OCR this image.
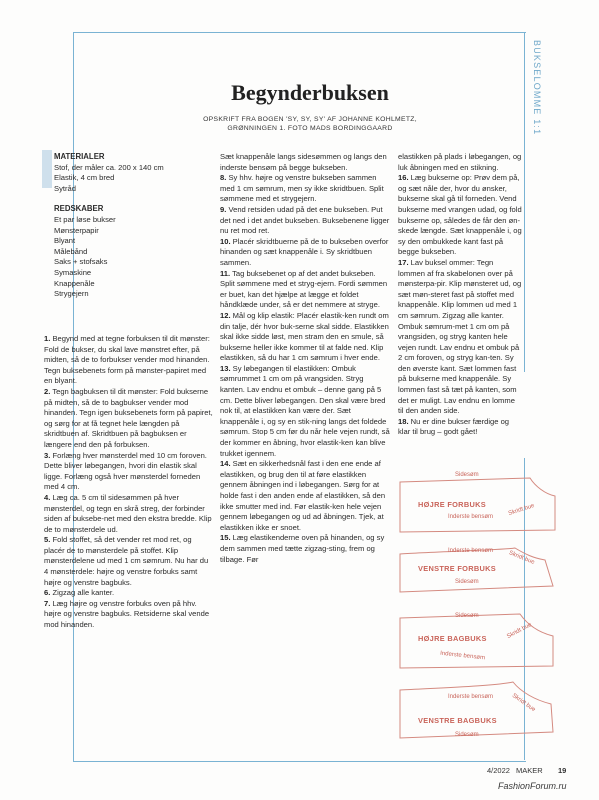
BUKSELOMME 1:1
Begynderbuksen
OPSKRIFT FRA BOGEN 'SY, SY, SY' AF JOHANNE KOHLMETZ,
GRØNNINGEN 1. FOTO MADS BORDINGGAARD
MATERIALER
Stof, der måler ca. 200 x 140 cm
Elastik, 4 cm bred
Sytråd
REDSKABER
Et par løse bukser
Mønsterpapir
Blyant
Målebånd
Saks + stofsaks
Symaskine
Knappenåle
Strygejern

1. Begynd med at tegne forbuksen til dit mønster: Fold de bukser, du skal lave mønstret efter, på midten, så de to forbukser vender mod hinanden. Tegn buksebenets form på mønster-papiret med en blyant.

2. Tegn bagbuksen til dit mønster: Fold bukserne på midten, så de to bagbukser vender mod hinanden. Tegn igen buksebenets form på papiret, og sørg for at få tegnet hele længden på skridtbuen af. Skridtbuen på bagbuksen er længere end den på forbuksen.

3. Forlæng hver mønsterdel med 10 cm foroven. Dette bliver løbegangen, hvori din elastik skal ligge. Forlæng også hver mønsterdel forneden med 4 cm.

4. Læg ca. 5 cm til sidesømmen på hver mønsterdel, og tegn en skrå streg, der forbinder siden af buksebe-net med den ekstra bredde. Klip de to mønsterdele ud.

5. Fold stoffet, så det vender ret mod ret, og placér de to mønsterdele på stoffet. Klip mønsterdelene ud med 1 cm sømrum. Nu har du 4 mønsterdele: højre og venstre forbuks samt højre og venstre bagbuks.

6. Zigzag alle kanter.

7. Læg højre og venstre forbuks oven på hhv. højre og venstre bagbuks. Retsiderne skal vende mod hinanden.

Sæt knappenåle langs sidesømmen og langs den inderste bensøm på begge bukseben.

8. Sy hhv. højre og venstre bukseben sammen med 1 cm sømrum, men sy ikke skridtbuen. Split sømmene med et strygejern.

9. Vend retsiden udad på det ene bukseben. Put det ned i det andet bukseben. Buksebenene ligger nu ret mod ret.

10. Placér skridtbuerne på de to bukseben overfor hinanden og sæt knappenåle i. Sy skridtbuen sammen.

11. Tag buksebenet op af det andet bukseben. Split sømmene med et stryg-ejern. Fordi sømmen er buet, kan det hjælpe at lægge et foldet håndklæde under, så er det nemmere at stryge.

12. Mål og klip elastik: Placér elastik-ken rundt om din talje, dér hvor buk-serne skal sidde. Elastikken skal ikke sidde løst, men stram den en smule, så bukserne heller ikke kommer til at falde ned. Klip elastikken, så du har 1 cm sømrum i hver ende.

13. Sy løbegangen til elastikken: Ombuk sømrummet 1 cm om på vrangsiden. Stryg kanten. Lav endnu et ombuk – denne gang på 5 cm. Dette bliver løbegangen. Den skal være bred nok til, at elastikken kan være der. Sæt knappenåle i, og sy en stik-ning langs det foldede sømrum. Stop 5 cm før du når hele vejen rundt, så der kommer en åbning, hvor elastik-ken kan blive trukket igennem.

14. Sæt en sikkerhedsnål fast i den ene ende af elastikken, og brug den til at føre elastikken gennem åbningen ind i løbegangen. Sørg for at holde fast i den anden ende af elastikken, så den ikke smutter med ind. Før elastik-ken hele vejen gennem løbegangen og ud ad åbningen. Tjek, at elastikken ikke er snoet.

15. Læg elastikenderne oven på hinanden, og sy dem sammen med tætte zigzag-sting, frem og tilbage. Før

elastikken på plads i løbegangen, og luk åbningen med en stikning.

16. Læg bukserne op: Prøv dem på, og sæt nåle der, hvor du ønsker, bukserne skal gå til forneden. Vend bukserne med vrangen udad, og fold bukserne op, således de får den øn-skede længde. Sæt knappenåle i, og sy den ombukkede kant fast på begge bukseben.

17. Lav buksel ommer: Tegn lommen af fra skabelonen over på mønsterpa-pir. Klip mønsteret ud, og sæt møn-steret fast på stoffet med knappenåle. Klip lommen ud med 1 cm sømrum. Zigzag alle kanter. Ombuk sømrum-met 1 cm om på vrangsiden, og stryg kanten hele vejen rundt. Lav endnu et ombuk på 2 cm foroven, og stryg kan-ten. Sy den øverste kant. Sæt lommen fast på bukserne med knappenåle. Sy lommen fast så tæt på kanten, som det er muligt. Lav endnu en lomme til den anden side.

18. Nu er dine bukser færdige og klar til brug – godt gået!

Sidesøm
HØJRE FORBUKS
Inderste bensøm Skridt bue
Inderste bensøm
VENSTRE FORBUKS
Sidesøm
Skridt bue
Sidesøm
HØJRE BAGBUKS
Inderste bensøm
Skridt bue
Inderste bensøm
VENSTRE BAGBUKS
Sidesøm
Skridt bue
4/2022 MAKER 19
FashionForum.ru
